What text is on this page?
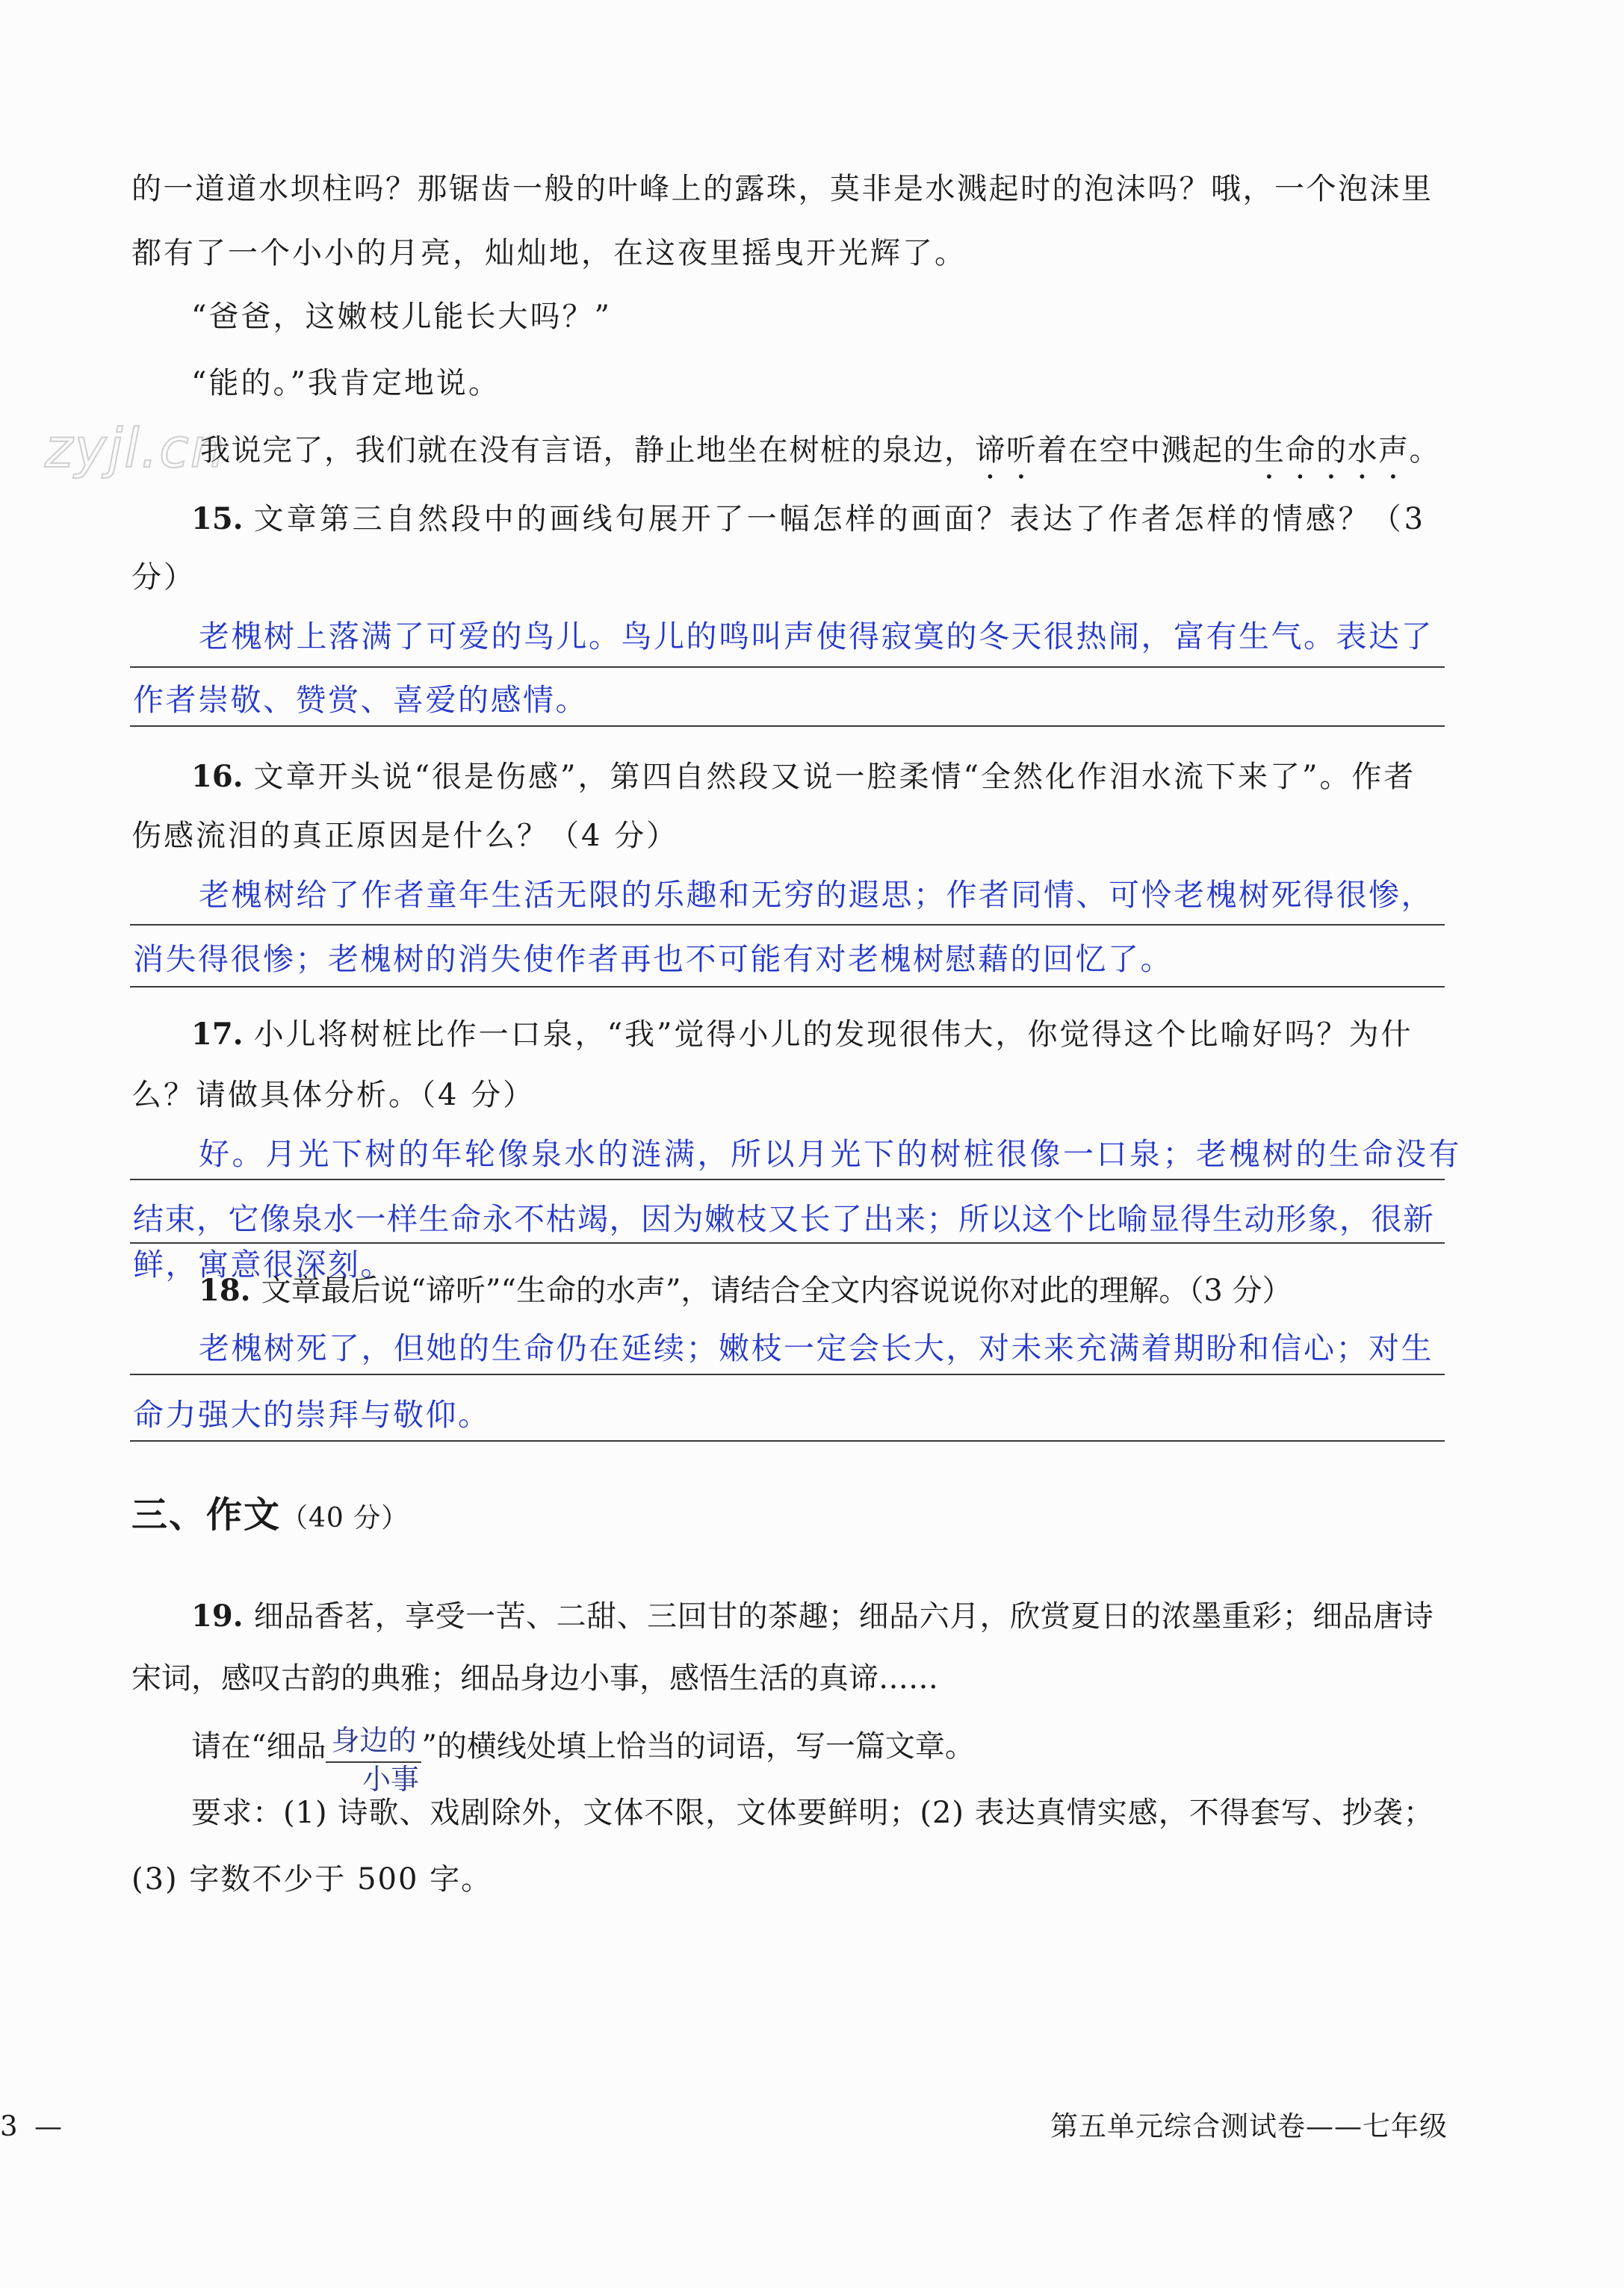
zyjl.cn
的一道道水坝柱吗？那锯齿一般的叶峰上的露珠，莫非是水溅起时的泡沫吗？哦，一个泡沫里
都有了一个小小的月亮，灿灿地，在这夜里摇曳开光辉了。
“爸爸，这嫩枝儿能长大吗？”
“能的。”我肯定地说。
我说完了，我们就在没有言语，静止地坐在树桩的泉边，谛听着在空中溅起的生命的水声。
15. 文章第三自然段中的画线句展开了一幅怎样的画面？表达了作者怎样的情感？（3
分）
老槐树上落满了可爱的鸟儿。鸟儿的鸣叫声使得寂寞的冬天很热闹，富有生气。表达了
作者崇敬、赞赏、喜爱的感情。
16. 文章开头说“很是伤感”，第四自然段又说一腔柔情“全然化作泪水流下来了”。作者
伤感流泪的真正原因是什么？（4 分）
老槐树给了作者童年生活无限的乐趣和无穷的遐思；作者同情、可怜老槐树死得很惨，
消失得很惨；老槐树的消失使作者再也不可能有对老槐树慰藉的回忆了。
17. 小儿将树桩比作一口泉，“我”觉得小儿的发现很伟大，你觉得这个比喻好吗？为什
么？请做具体分析。（4 分）
好。月光下树的年轮像泉水的涟满，所以月光下的树桩很像一口泉；老槐树的生命没有
结束，它像泉水一样生命永不枯竭，因为嫩枝又长了出来；所以这个比喻显得生动形象，很新
鲜，寓意很深刻。
18. 文章最后说“谛听”“生命的水声”，请结合全文内容说说你对此的理解。（3 分）
老槐树死了，但她的生命仍在延续；嫩枝一定会长大，对未来充满着期盼和信心；对生
命力强大的崇拜与敬仰。
三、作文（40 分）
19. 细品香茗，享受一苦、二甜、三回甘的茶趣；细品六月，欣赏夏日的浓墨重彩；细品唐诗
宋词，感叹古韵的典雅；细品身边小事，感悟生活的真谛……
请在“细品 身边的 ”的横线处填上恰当的词语，写一篇文章。
小事
要求：(1) 诗歌、戏剧除外，文体不限，文体要鲜明；(2) 表达真情实感，不得套写、抄袭；
(3) 字数不少于 500 字。
3 —	第五单元综合测试卷——七年级
